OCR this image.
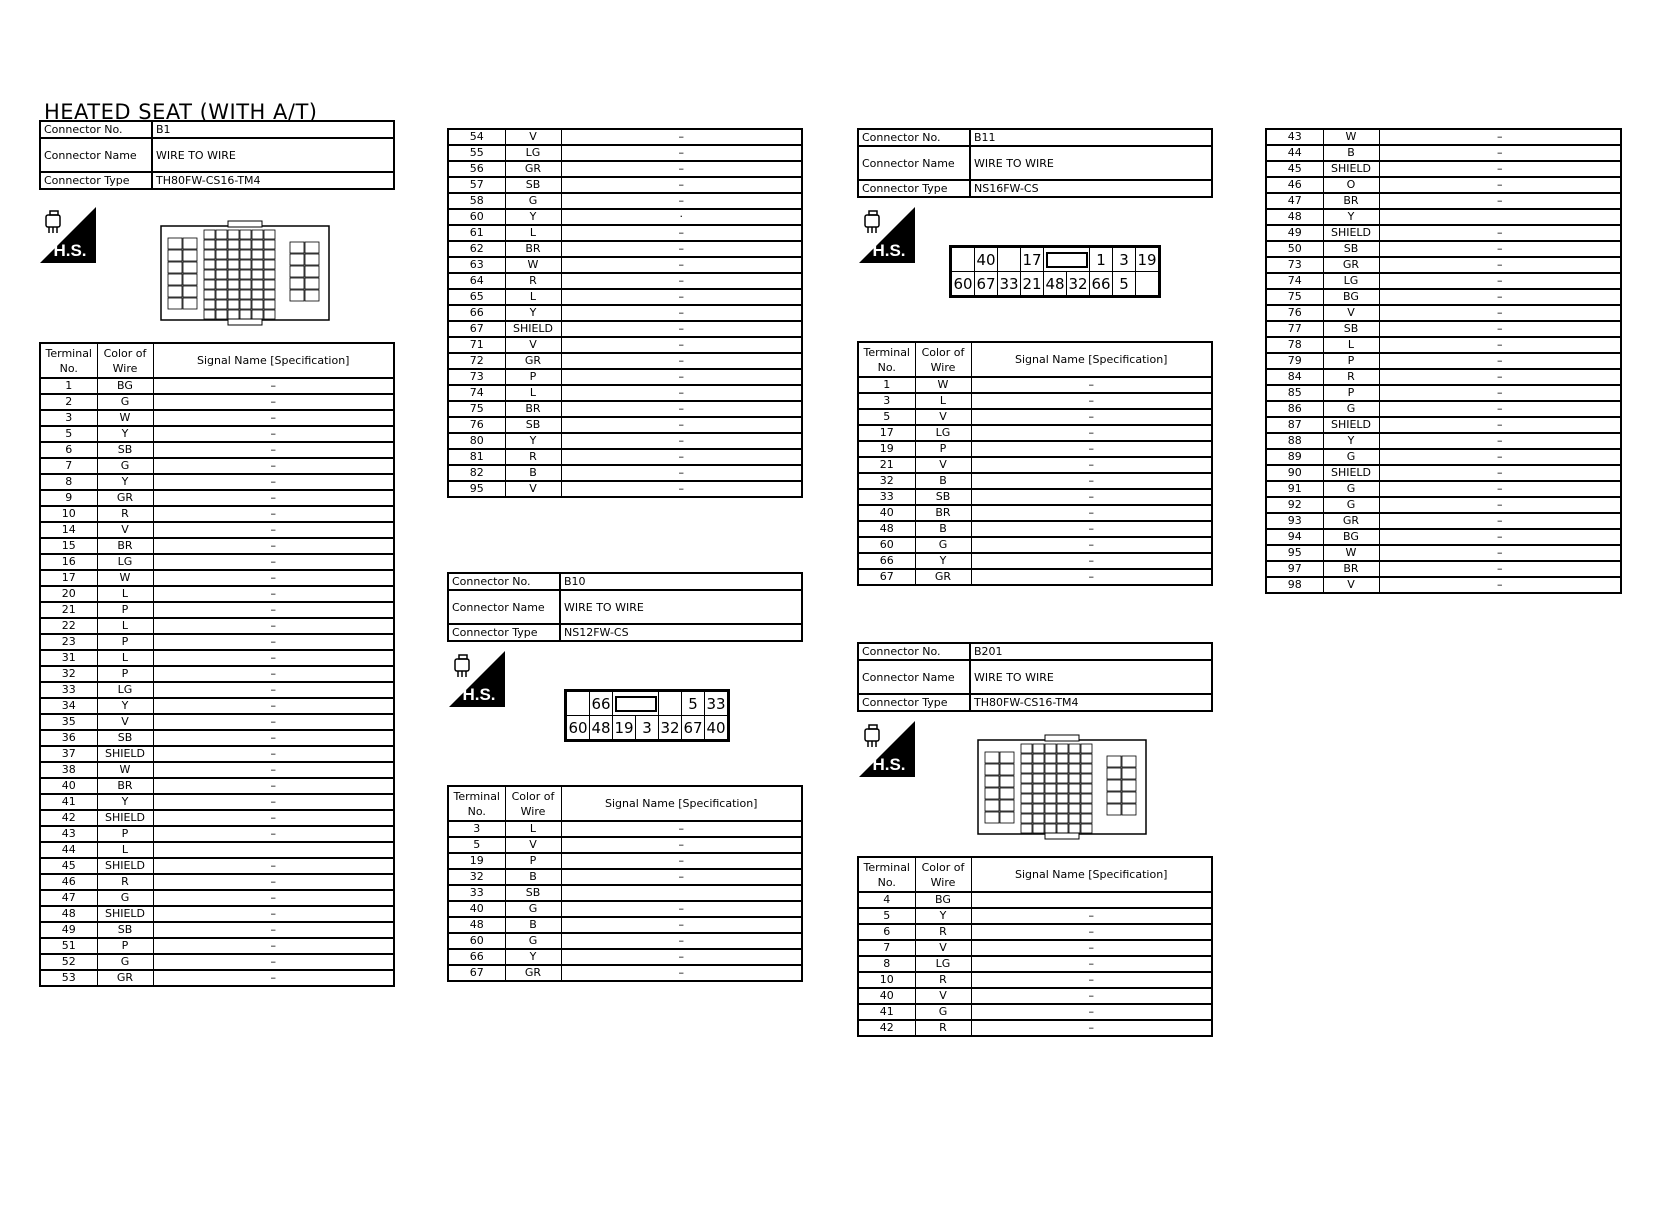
HEATED SEAT (WITH A/T)
Connector No.	B1
Connector Name	WIRE TO WIRE
Connector Type	TH80FW-CS16-TM4
H.S.
Terminal No.	Color of Wire	Signal Name [Specification]
1	BG	–
2	G	–
3	W	–
5	Y	–
6	SB	–
7	G	–
8	Y	–
9	GR	–
10	R	–
14	V	–
15	BR	–
16	LG	–
17	W	–
20	L	–
21	P	–
22	L	–
23	P	–
31	L	–
32	P	–
33	LG	–
34	Y	–
35	V	–
36	SB	–
37	SHIELD	–
38	W	–
40	BR	–
41	Y	–
42	SHIELD	–
43	P	–
44	L	
45	SHIELD	–
46	R	–
47	G	–
48	SHIELD	–
49	SB	–
51	P	–
52	G	–
53	GR	–
54	V	–
55	LG	–
56	GR	–
57	SB	–
58	G	–
60	Y	·
61	L	–
62	BR	–
63	W	–
64	R	–
65	L	–
66	Y	–
67	SHIELD	–
71	V	–
72	GR	–
73	P	–
74	L	–
75	BR	–
76	SB	–
80	Y	–
81	R	–
82	B	–
95	V	–
Connector No.	B10
Connector Name	WIRE TO WIRE
Connector Type	NS12FW-CS
H.S.
		66				5	33
60	48	19	3	32	67	40
Terminal No.	Color of Wire	Signal Name [Specification]
3	L	–
5	V	–
19	P	–
32	B	–
33	SB	
40	G	–
48	B	–
60	G	–
66	Y	–
67	GR	–
Connector No.	B11
Connector Name	WIRE TO WIRE
Connector Type	NS16FW-CS
H.S.
		40		17			1	3	19
60	67	33	21	48	32	66	5	
Terminal No.	Color of Wire	Signal Name [Specification]
1	W	–
3	L	–
5	V	–
17	LG	–
19	P	–
21	V	–
32	B	–
33	SB	–
40	BR	–
48	B	–
60	G	–
66	Y	–
67	GR	–
Connector No.	B201
Connector Name	WIRE TO WIRE
Connector Type	TH80FW-CS16-TM4
H.S.
Terminal No.	Color of Wire	Signal Name [Specification]
4	BG	
5	Y	–
6	R	–
7	V	–
8	LG	–
10	R	–
40	V	–
41	G	–
42	R	–
43	W	–
44	B	–
45	SHIELD	–
46	O	–
47	BR	–
48	Y	
49	SHIELD	–
50	SB	–
73	GR	–
74	LG	–
75	BG	–
76	V	–
77	SB	–
78	L	–
79	P	–
84	R	–
85	P	–
86	G	–
87	SHIELD	–
88	Y	–
89	G	–
90	SHIELD	–
91	G	–
92	G	–
93	GR	–
94	BG	–
95	W	–
97	BR	–
98	V	–
